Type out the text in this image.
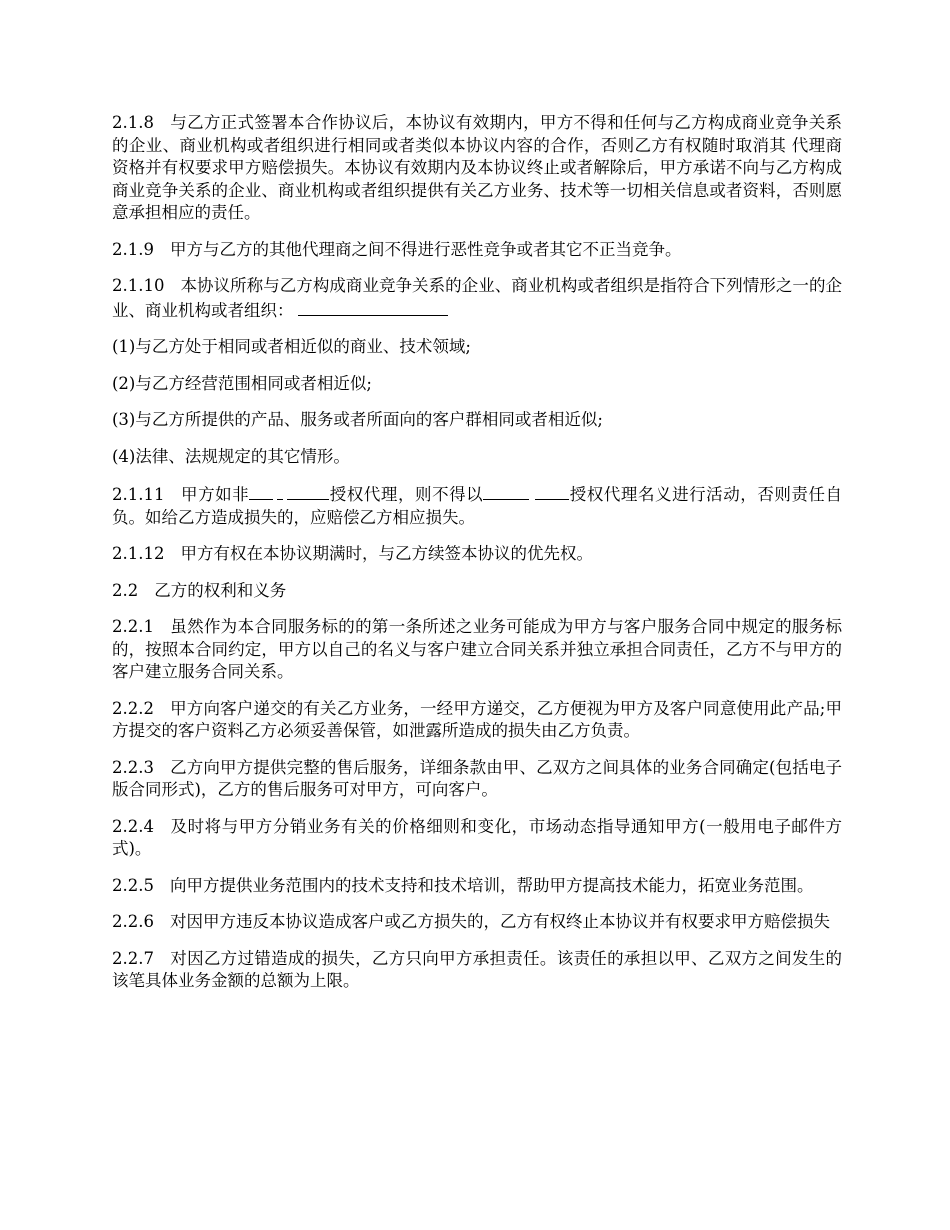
2.1.8 与乙方正式签署本合作协议后，本协议有效期内，甲方不得和任何与乙方构成商业竞争关系的企业、商业机构或者组织进行相同或者类似本协议内容的合作，否则乙方有权随时取消其 代理商资格并有权要求甲方赔偿损失。本协议有效期内及本协议终止或者解除后，甲方承诺不向与乙方构成商业竞争关系的企业、商业机构或者组织提供有关乙方业务、技术等一切相关信息或者资料，否则愿意承担相应的责任。

2.1.9 甲方与乙方的其他代理商之间不得进行恶性竞争或者其它不正当竞争。

2.1.10 本协议所称与乙方构成商业竞争关系的企业、商业机构或者组织是指符合下列情形之一的企业、商业机构或者组织：

(1)与乙方处于相同或者相近似的商业、技术领域;

(2)与乙方经营范围相同或者相近似;

(3)与乙方所提供的产品、服务或者所面向的客户群相同或者相近似;

(4)法律、法规规定的其它情形。

2.1.11 甲方如非	授权代理，则不得以	授权代理名义进行活动，否则责任自负。如给乙方造成损失的，应赔偿乙方相应损失。

2.1.12 甲方有权在本协议期满时，与乙方续签本协议的优先权。

2.2 乙方的权利和义务

2.2.1 虽然作为本合同服务标的的第一条所述之业务可能成为甲方与客户服务合同中规定的服务标的，按照本合同约定，甲方以自己的名义与客户建立合同关系并独立承担合同责任，乙方不与甲方的客户建立服务合同关系。

2.2.2 甲方向客户递交的有关乙方业务，一经甲方递交，乙方便视为甲方及客户同意使用此产品;甲方提交的客户资料乙方必须妥善保管，如泄露所造成的损失由乙方负责。

2.2.3 乙方向甲方提供完整的售后服务，详细条款由甲、乙双方之间具体的业务合同确定(包括电子版合同形式)，乙方的售后服务可对甲方，可向客户。

2.2.4 及时将与甲方分销业务有关的价格细则和变化，市场动态指导通知甲方(一般用电子邮件方式)。

2.2.5 向甲方提供业务范围内的技术支持和技术培训，帮助甲方提高技术能力，拓宽业务范围。

2.2.6 对因甲方违反本协议造成客户或乙方损失的，乙方有权终止本协议并有权要求甲方赔偿损失

2.2.7 对因乙方过错造成的损失，乙方只向甲方承担责任。该责任的承担以甲、乙双方之间发生的该笔具体业务金额的总额为上限。
